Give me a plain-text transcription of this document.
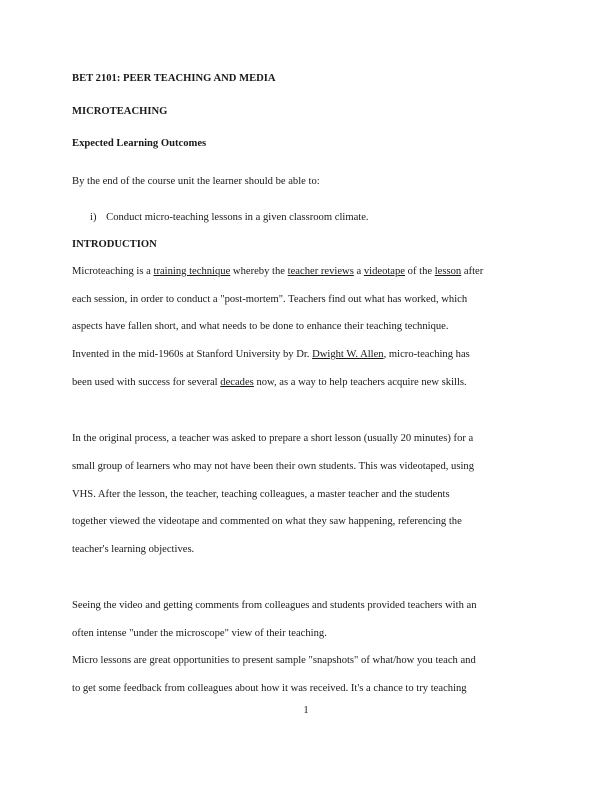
BET 2101: PEER TEACHING AND MEDIA
MICROTEACHING
Expected Learning Outcomes
By the end of the course unit the learner should be able to:
i) Conduct micro-teaching lessons in a given classroom climate.
INTRODUCTION
Microteaching is a training technique whereby the teacher reviews a videotape of the lesson after
each session, in order to conduct a "post-mortem". Teachers find out what has worked, which
aspects have fallen short, and what needs to be done to enhance their teaching technique.
Invented in the mid-1960s at Stanford University by Dr. Dwight W. Allen, micro-teaching has
been used with success for several decades now, as a way to help teachers acquire new skills.
In the original process, a teacher was asked to prepare a short lesson (usually 20 minutes) for a
small group of learners who may not have been their own students. This was videotaped, using
VHS. After the lesson, the teacher, teaching colleagues, a master teacher and the students
together viewed the videotape and commented on what they saw happening, referencing the
teacher's learning objectives.
Seeing the video and getting comments from colleagues and students provided teachers with an
often intense "under the microscope" view of their teaching.
Micro lessons are great opportunities to present sample "snapshots" of what/how you teach and
to get some feedback from colleagues about how it was received. It's a chance to try teaching
1
